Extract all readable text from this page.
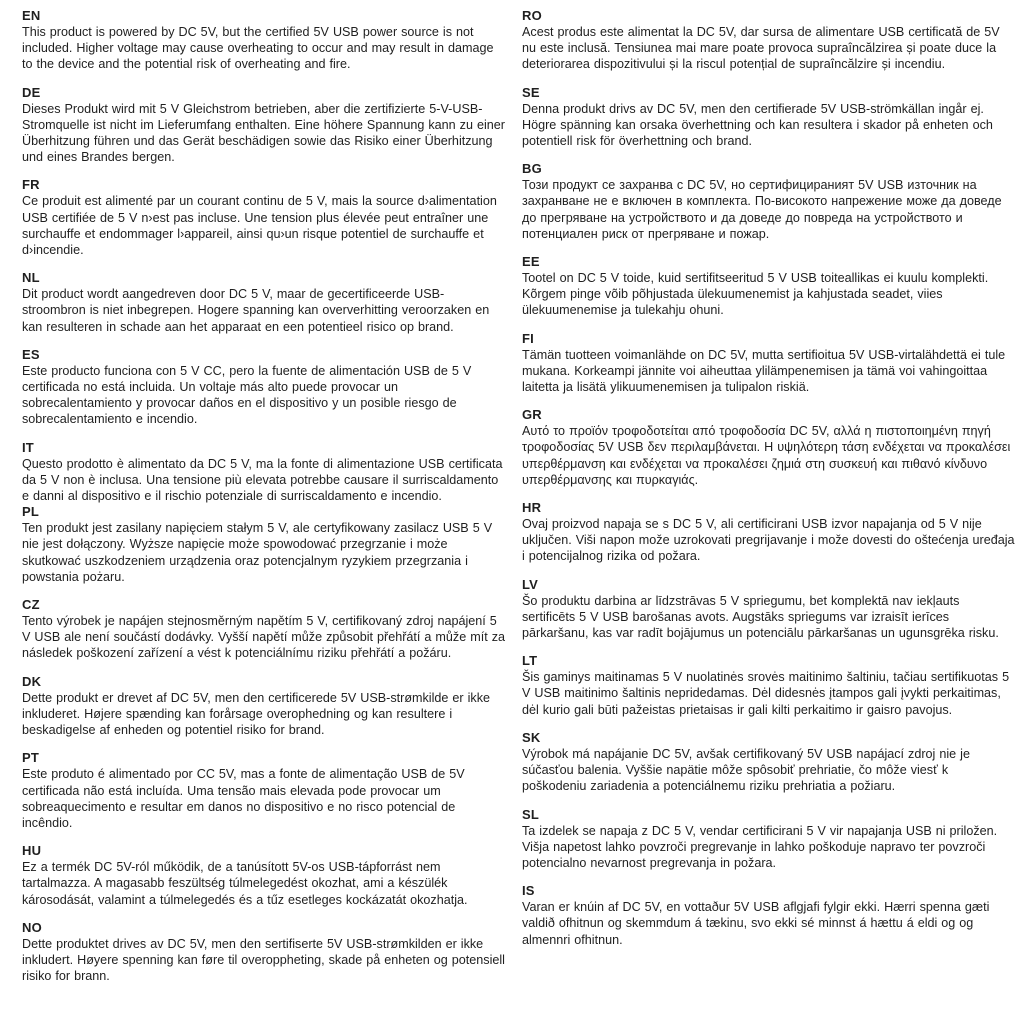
EN

This product is powered by DC 5V, but the certified 5V USB power source is not included. Higher voltage may cause overheating to occur and may result in damage to the device and the potential risk of overheating and fire.

DE

Dieses Produkt wird mit 5 V Gleichstrom betrieben, aber die zertifizierte 5-V-USB-Stromquelle ist nicht im Lieferumfang enthalten. Eine höhere Spannung kann zu einer Überhitzung führen und das Gerät beschädigen sowie das Risiko einer Überhitzung und eines Brandes bergen.

FR

Ce produit est alimenté par un courant continu de 5 V, mais la source d›alimentation USB certifiée de 5 V n›est pas incluse. Une tension plus élevée peut entraîner une surchauffe et endommager l›appareil, ainsi qu›un risque potentiel de surchauffe et d›incendie.

NL

Dit product wordt aangedreven door DC 5 V, maar de gecertificeerde USB-stroombron is niet inbegrepen. Hogere spanning kan oververhitting veroorzaken en kan resulteren in schade aan het apparaat en een potentieel risico op brand.

ES

Este producto funciona con 5 V CC, pero la fuente de alimentación USB de 5 V certificada no está incluida. Un voltaje más alto puede provocar un sobrecalentamiento y provocar daños en el dispositivo y un posible riesgo de sobrecalentamiento e incendio.

IT

Questo prodotto è alimentato da DC 5 V, ma la fonte di alimentazione USB certificata da 5 V non è inclusa. Una tensione più elevata potrebbe causare il surriscaldamento e danni al dispositivo e il rischio potenziale di surriscaldamento e incendio.

PL

Ten produkt jest zasilany napięciem stałym 5 V, ale certyfikowany zasilacz USB 5 V nie jest dołączony. Wyższe napięcie może spowodować przegrzanie i może skutkować uszkodzeniem urządzenia oraz potencjalnym ryzykiem przegrzania i powstania pożaru.

CZ

Tento výrobek je napájen stejnosměrným napětím 5 V, certifikovaný zdroj napájení 5 V USB ale není součástí dodávky. Vyšší napětí může způsobit přehřátí a může mít za následek poškození zařízení a vést k potenciálnímu riziku přehřátí a požáru.

DK

Dette produkt er drevet af DC 5V, men den certificerede 5V USB-strømkilde er ikke inkluderet. Højere spænding kan forårsage overophedning og kan resultere i beskadigelse af enheden og potentiel risiko for brand.

PT

Este produto é alimentado por CC 5V, mas a fonte de alimentação USB de 5V certificada não está incluída. Uma tensão mais elevada pode provocar um sobreaquecimento e resultar em danos no dispositivo e no risco potencial de incêndio.

HU

Ez a termék DC 5V-ról működik, de a tanúsított 5V-os USB-tápforrást nem tartalmazza. A magasabb feszültség túlmelegedést okozhat, ami a készülék károsodását, valamint a túlmelegedés és a tűz esetleges kockázatát okozhatja.

NO

Dette produktet drives av DC 5V, men den sertifiserte 5V USB-strømkilden er ikke inkludert. Høyere spenning kan føre til overoppheting, skade på enheten og potensiell risiko for brann.

RO

Acest produs este alimentat la DC 5V, dar sursa de alimentare USB certificată de 5V nu este inclusă. Tensiunea mai mare poate provoca supraîncălzirea și poate duce la deteriorarea dispozitivului și la riscul potențial de supraîncălzire și incendiu.

SE

Denna produkt drivs av DC 5V, men den certifierade 5V USB-strömkällan ingår ej. Högre spänning kan orsaka överhettning och kan resultera i skador på enheten och potentiell risk för överhettning och brand.

BG

Този продукт се захранва с DC 5V, но сертифицираният 5V USB източник на захранване не е включен в комплекта. По-високото напрежение може да доведе до прегряване на устройството и да доведе до повреда на устройството и потенциален риск от прегряване и пожар.

EE

Tootel on DC 5 V toide, kuid sertifitseeritud 5 V USB toiteallikas ei kuulu komplekti. Kõrgem pinge võib põhjustada ülekuumenemist ja kahjustada seadet, viies ülekuumenemise ja tulekahju ohuni.

FI

Tämän tuotteen voimanlähde on DC 5V, mutta sertifioitua 5V USB-virtalähdettä ei tule mukana. Korkeampi jännite voi aiheuttaa ylilämpenemisen ja tämä voi vahingoittaa laitetta ja lisätä ylikuumenemisen ja tulipalon riskiä.

GR

Αυτό το προϊόν τροφοδοτείται από τροφοδοσία DC 5V, αλλά η πιστοποιημένη πηγή τροφοδοσίας 5V USB δεν περιλαμβάνεται. Η υψηλότερη τάση ενδέχεται να προκαλέσει υπερθέρμανση και ενδέχεται να προκαλέσει ζημιά στη συσκευή και πιθανό κίνδυνο υπερθέρμανσης και πυρκαγιάς.

HR

Ovaj proizvod napaja se s DC 5 V, ali certificirani USB izvor napajanja od 5 V nije uključen. Viši napon može uzrokovati pregrijavanje i može dovesti do oštećenja uređaja i potencijalnog rizika od požara.

LV

Šo produktu darbina ar līdzstrāvas 5 V spriegumu, bet komplektā nav iekļauts sertificēts 5 V USB barošanas avots. Augstāks spriegums var izraisīt ierīces pārkaršanu, kas var radīt bojājumus un potenciālu pārkaršanas un ugunsgrēka risku.

LT

Šis gaminys maitinamas 5 V nuolatinės srovės maitinimo šaltiniu, tačiau sertifikuotas 5 V USB maitinimo šaltinis nepridedamas. Dėl didesnės įtampos gali įvykti perkaitimas, dėl kurio gali būti pažeistas prietaisas ir gali kilti perkaitimo ir gaisro pavojus.

SK

Výrobok má napájanie DC 5V, avšak certifikovaný 5V USB napájací zdroj nie je súčasťou balenia. Vyššie napätie môže spôsobiť prehriatie, čo môže viesť k poškodeniu zariadenia a potenciálnemu riziku prehriatia a požiaru.

SL

Ta izdelek se napaja z DC 5 V, vendar certificirani 5 V vir napajanja USB ni priložen. Višja napetost lahko povzroči pregrevanje in lahko poškoduje napravo ter povzroči potencialno nevarnost pregrevanja in požara.

IS

Varan er knúin af DC 5V, en vottaður 5V USB aflgjafi fylgir ekki. Hærri spenna gæti valdið ofhitnun og skemmdum á tækinu, svo ekki sé minnst á hættu á eldi og og almennri ofhitnun.
